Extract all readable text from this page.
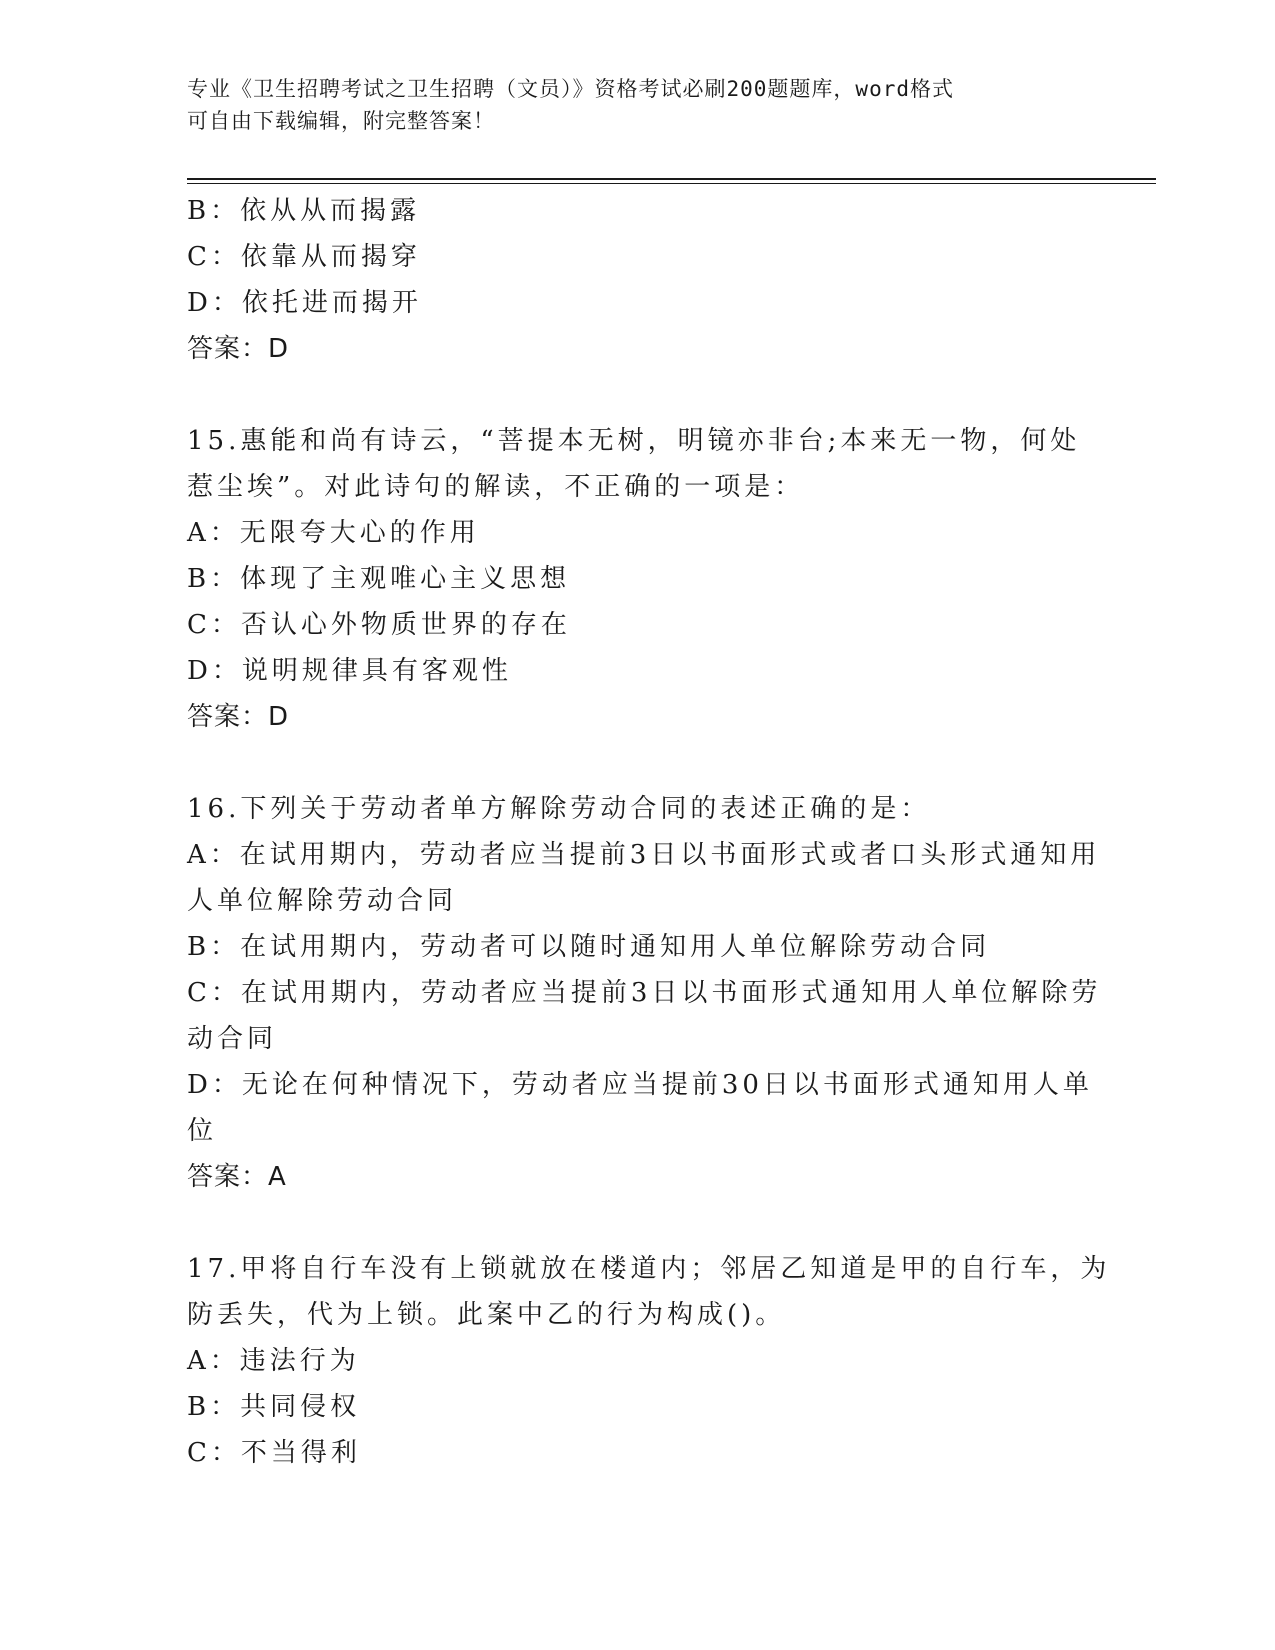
专业《卫生招聘考试之卫生招聘（文员）》资格考试必刷200题题库，word格式
可自由下载编辑，附完整答案！
B：依从从而揭露
C：依靠从而揭穿
D：依托进而揭开
答案：D
15.惠能和尚有诗云，“菩提本无树，明镜亦非台;本来无一物，何处
惹尘埃”。对此诗句的解读，不正确的一项是：
A：无限夸大心的作用
B：体现了主观唯心主义思想
C：否认心外物质世界的存在
D：说明规律具有客观性
答案：D
16.下列关于劳动者单方解除劳动合同的表述正确的是：
A：在试用期内，劳动者应当提前3日以书面形式或者口头形式通知用
人单位解除劳动合同
B：在试用期内，劳动者可以随时通知用人单位解除劳动合同
C：在试用期内，劳动者应当提前3日以书面形式通知用人单位解除劳
动合同
D：无论在何种情况下，劳动者应当提前30日以书面形式通知用人单
位
答案：A
17.甲将自行车没有上锁就放在楼道内；邻居乙知道是甲的自行车，为
防丢失，代为上锁。此案中乙的行为构成()。
A：违法行为
B：共同侵权
C：不当得利
